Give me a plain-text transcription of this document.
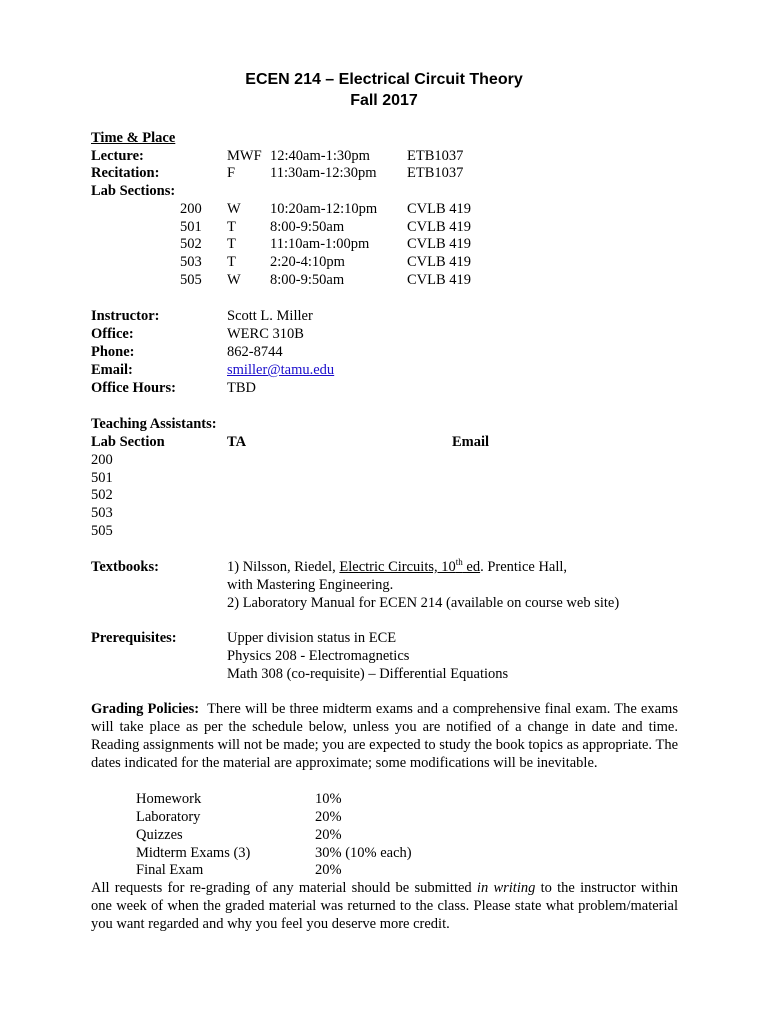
ECEN 214 – Electrical Circuit Theory
Fall 2017
Time & Place
Lecture:	MWF 12:40am-1:30pm	ETB1037
Recitation:	F 11:30am-12:30pm ETB1037
Lab Sections:
200 W 10:20am-12:10pm CVLB 419
501 T 8:00-9:50am	CVLB 419
502 T 11:10am-1:00pm	CVLB 419
503 T 2:20-4:10pm	CVLB 419
505 W 8:00-9:50am	CVLB 419
Instructor:	Scott L. Miller
Office:	WERC 310B
Phone:	862-8744
Email:	smiller@tamu.edu
Office Hours:	TBD
Teaching Assistants:
Lab Section	TA	Email
200
501
502
503
505
Textbooks:	1) Nilsson, Riedel, Electric Circuits, 10th ed. Prentice Hall,
with Mastering Engineering.
2) Laboratory Manual for ECEN 214 (available on course web site)
Prerequisites:	Upper division status in ECE
Physics 208 - Electromagnetics
Math 308 (co-requisite) – Differential Equations
Grading Policies: There will be three midterm exams and a comprehensive final exam. The exams will take place as per the schedule below, unless you are notified of a change in date and time. Reading assignments will not be made; you are expected to study the book topics as appropriate. The dates indicated for the material are approximate; some modifications will be inevitable.
Homework	10%
Laboratory	20%
Quizzes	20%
Midterm Exams (3)	30% (10% each)
Final Exam	20%
All requests for re-grading of any material should be submitted in writing to the instructor within one week of when the graded material was returned to the class. Please state what problem/material you want regarded and why you feel you deserve more credit.
